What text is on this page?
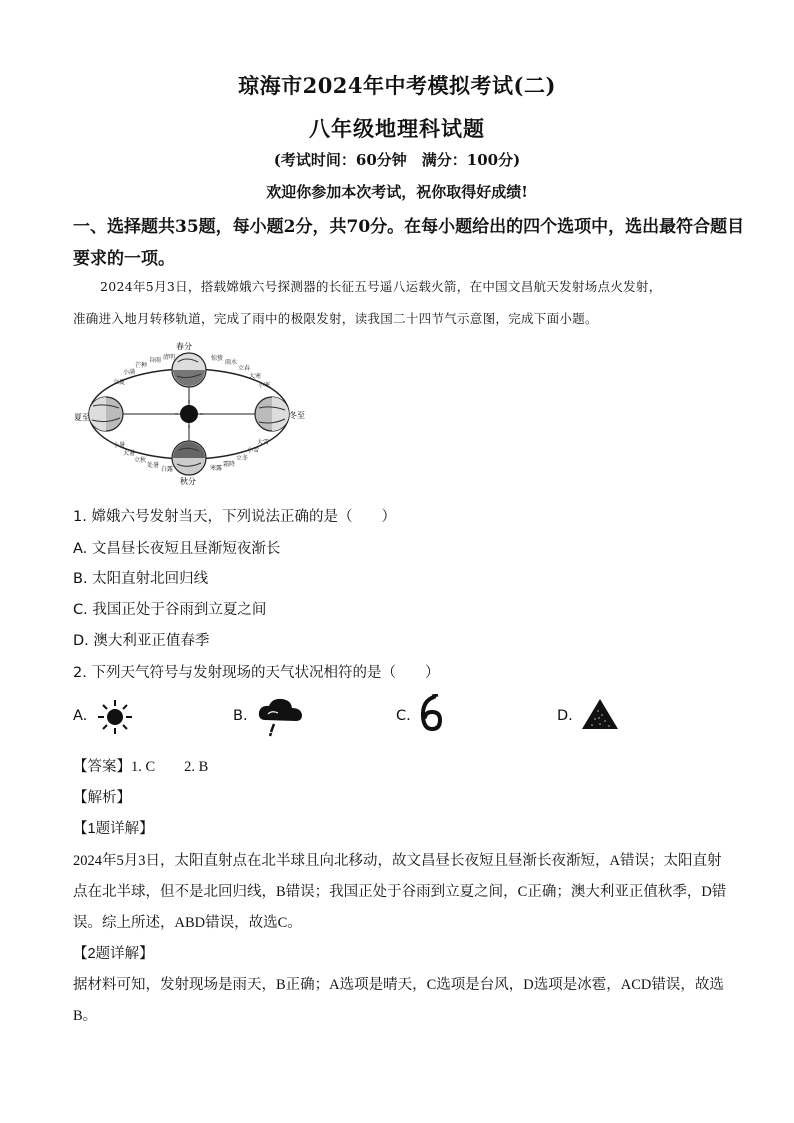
琼海市2024年中考模拟考试(二)
八年级地理科试题
(考试时间：60分钟　满分：100分)
欢迎你参加本次考试，祝你取得好成绩!
一、选择题共35题，每小题2分，共70分。在每小题给出的四个选项中，选出最符合题目
要求的一项。
2024年5月3日，搭载嫦娥六号探测器的长征五号遥八运载火箭，在中国文昌航天发射场点火发射，
准确进入地月转移轨道，完成了雨中的极限发射，读我国二十四节气示意图，完成下面小题。
春分
夏至
秋分
冬至
立夏
小满
芒种
谷雨 清明	惊蛰
雨水
立春
大寒
小寒
小暑
大暑
立秋
处暑
白露	寒露
霜降
立冬
小雪
大雪
1. 嫦娥六号发射当天，下列说法正确的是（　　）
A. 文昌昼长夜短且昼渐短夜渐长
B. 太阳直射北回归线
C. 我国正处于谷雨到立夏之间
D. 澳大利亚正值春季
2. 下列天气符号与发射现场的天气状况相符的是（　　）
A.	B.	C.	D.
【答案】1. C　　2. B
【解析】
【1题详解】
2024年5月3日，太阳直射点在北半球且向北移动，故文昌昼长夜短且昼渐长夜渐短，A错误；太阳直射
点在北半球，但不是北回归线，B错误；我国正处于谷雨到立夏之间，C正确；澳大利亚正值秋季，D错
误。综上所述，ABD错误，故选C。
【2题详解】
据材料可知，发射现场是雨天，B正确；A选项是晴天，C选项是台风，D选项是冰雹，ACD错误，故选
B。
